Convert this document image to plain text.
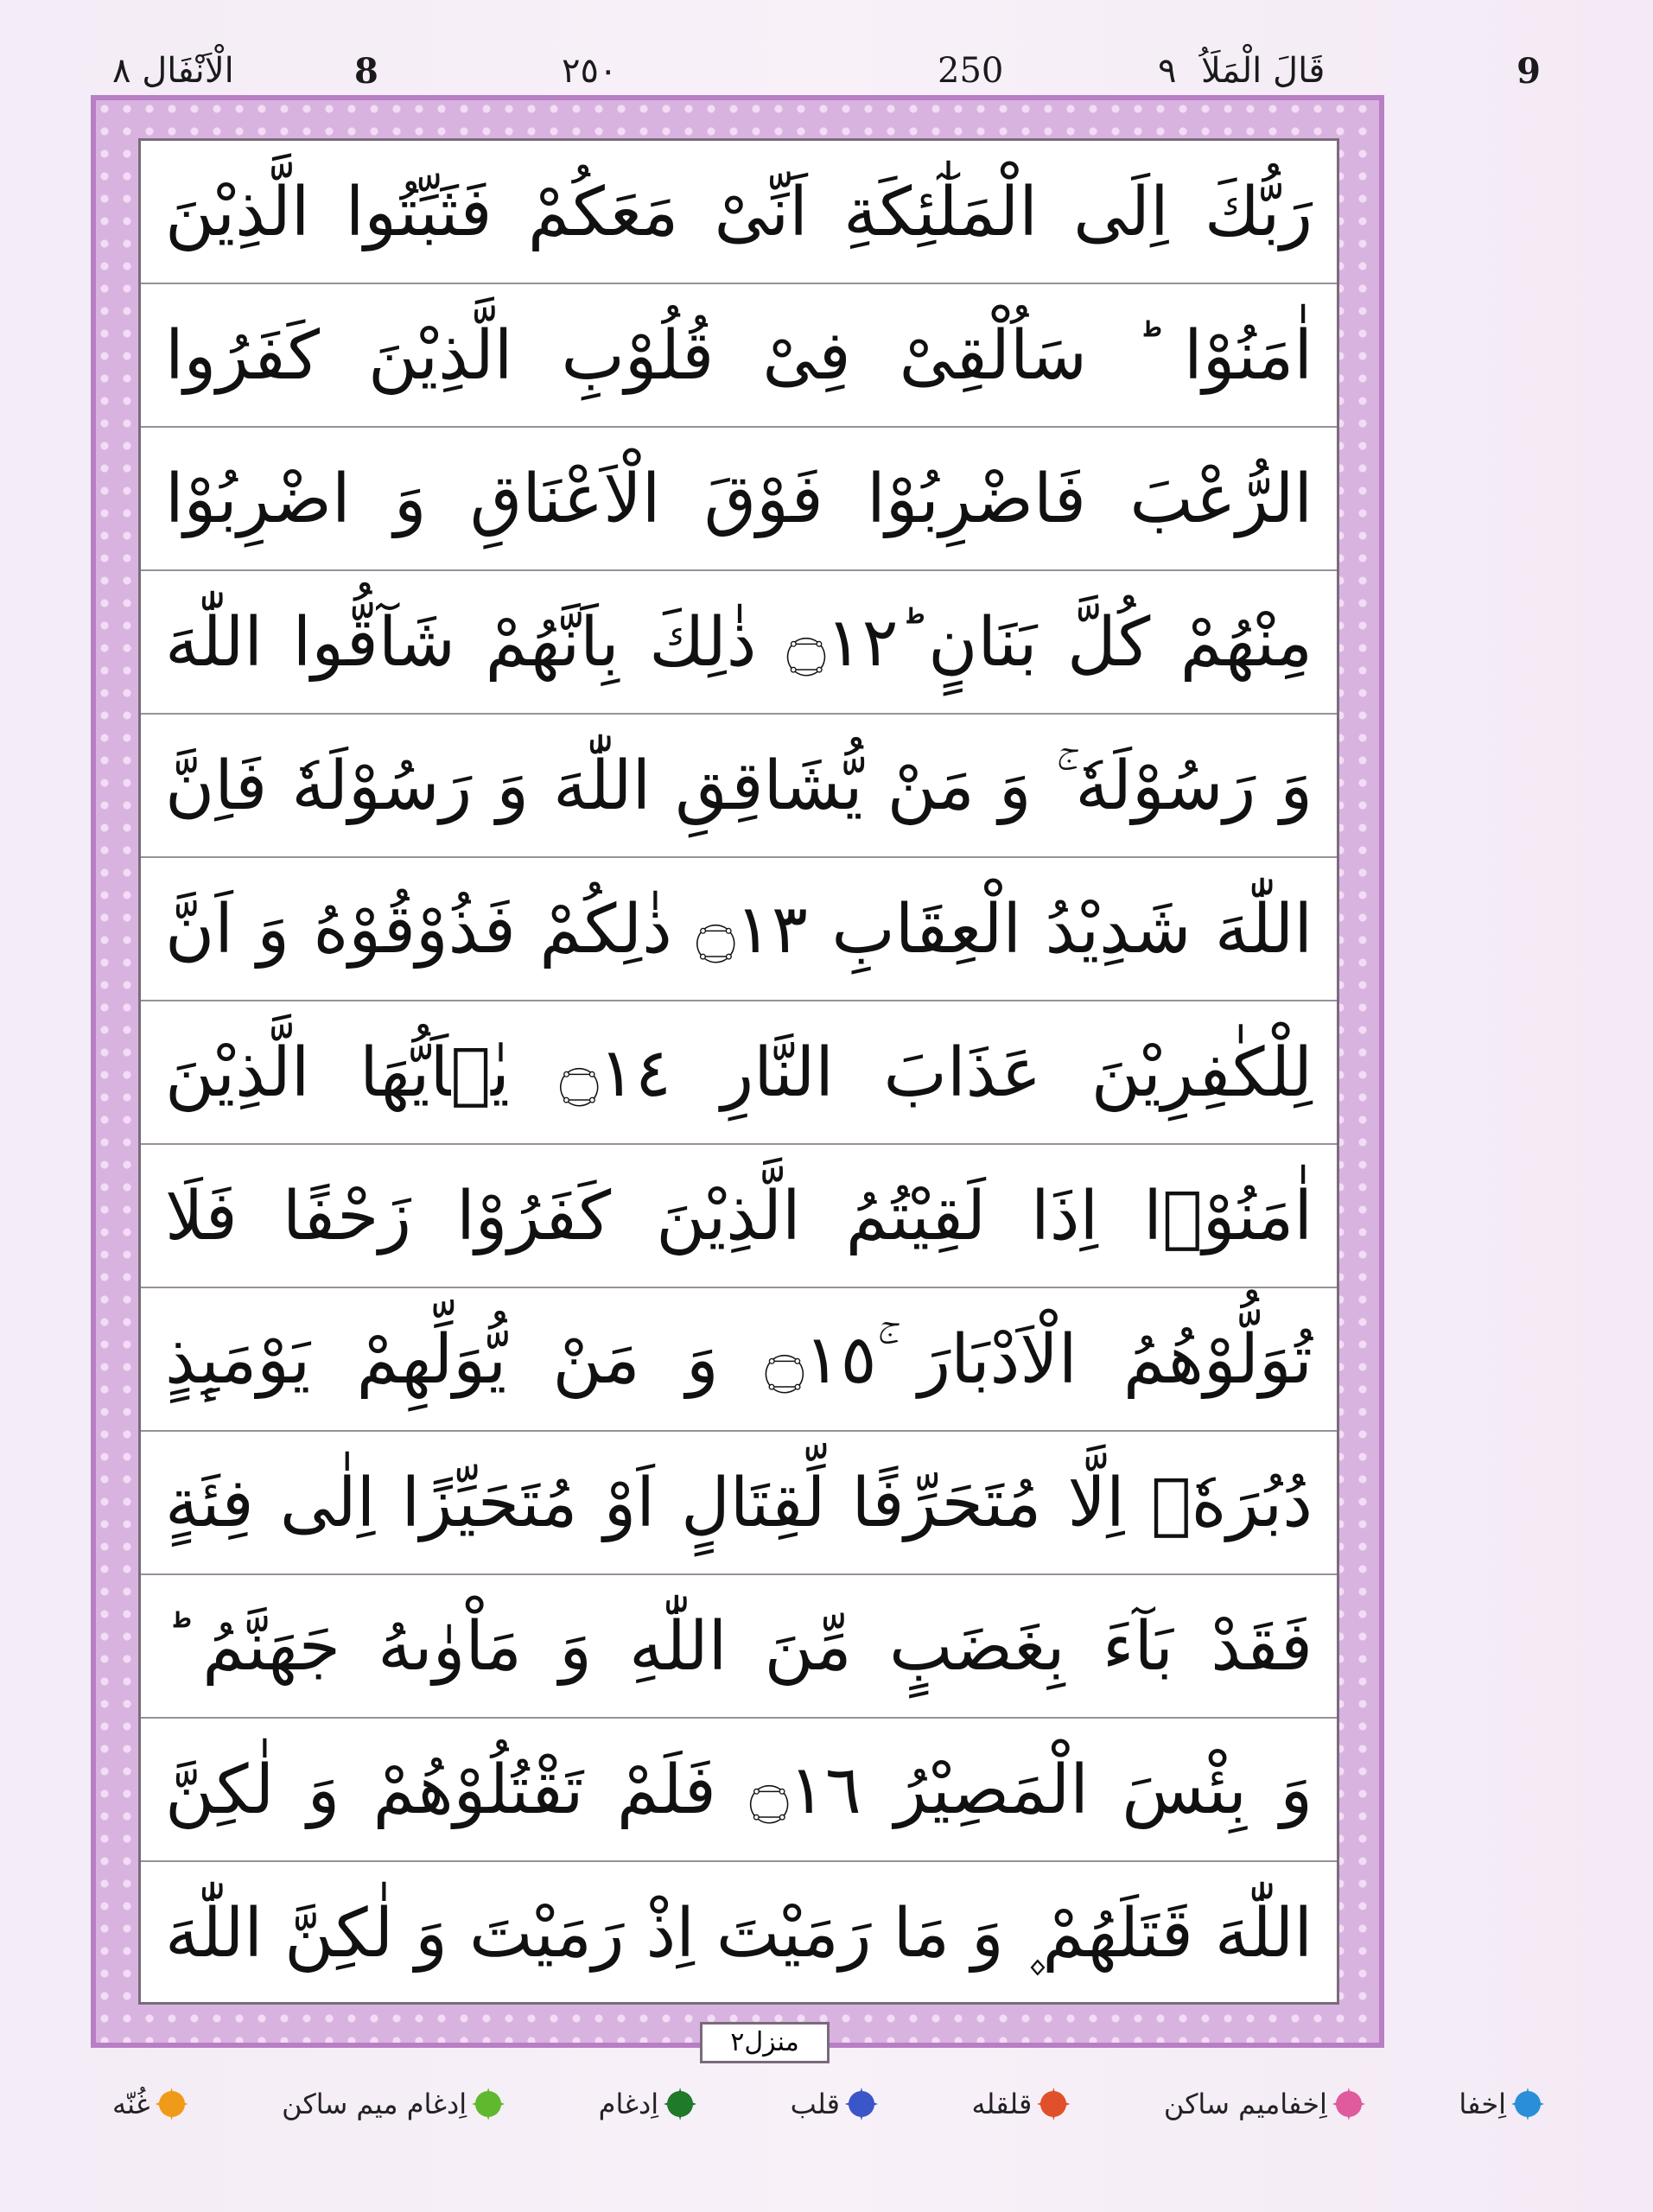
الْاَنْفَال ٨	8	٢٥٠	250	٩ قَالَ الْمَلَاُ	9
رَبُّكَ اِلَى الْمَلٰٓئِكَةِ اَنِّیْ مَعَكُمْ فَثَبِّتُوا الَّذِیْنَ
اٰمَنُوْا ؕ سَاُلْقِیْ فِیْ قُلُوْبِ الَّذِیْنَ كَفَرُوا
الرُّعْبَ فَاضْرِبُوْا فَوْقَ الْاَعْنَاقِ وَ اضْرِبُوْا
مِنْهُمْ كُلَّ بَنَانٍ ؕ۝١٢ ذٰلِكَ بِاَنَّهُمْ شَآقُّوا اللّٰهَ
وَ رَسُوْلَهٗ ۚ وَ مَنْ یُّشَاقِقِ اللّٰهَ وَ رَسُوْلَهٗ فَاِنَّ
اللّٰهَ شَدِیْدُ الْعِقَابِ ۝١٣ ذٰلِكُمْ فَذُوْقُوْهُ وَ اَنَّ
لِلْكٰفِرِیْنَ عَذَابَ النَّارِ ۝١٤ یٰۤاَیُّهَا الَّذِیْنَ
اٰمَنُوْۤا اِذَا لَقِیْتُمُ الَّذِیْنَ كَفَرُوْا زَحْفًا فَلَا
تُوَلُّوْهُمُ الْاَدْبَارَ ۚ۝١٥ وَ مَنْ یُّوَلِّهِمْ یَوْمَىِٕذٍ
دُبُرَهٗۤ اِلَّا مُتَحَرِّفًا لِّقِتَالٍ اَوْ مُتَحَیِّزًا اِلٰى فِئَةٍ
فَقَدْ بَآءَ بِغَضَبٍ مِّنَ اللّٰهِ وَ مَاْوٰىهُ جَهَنَّمُ ؕ
وَ بِئْسَ الْمَصِیْرُ ۝١٦ فَلَمْ تَقْتُلُوْهُمْ وَ لٰكِنَّ
اللّٰهَ قَتَلَهُمْ ۪ وَ مَا رَمَیْتَ اِذْ رَمَیْتَ وَ لٰكِنَّ اللّٰهَ
منزل٢
اِخفا
اِخفامیم ساکن
قلقله
قلب
اِدغام
اِدغام میم ساکن
غُنّه
